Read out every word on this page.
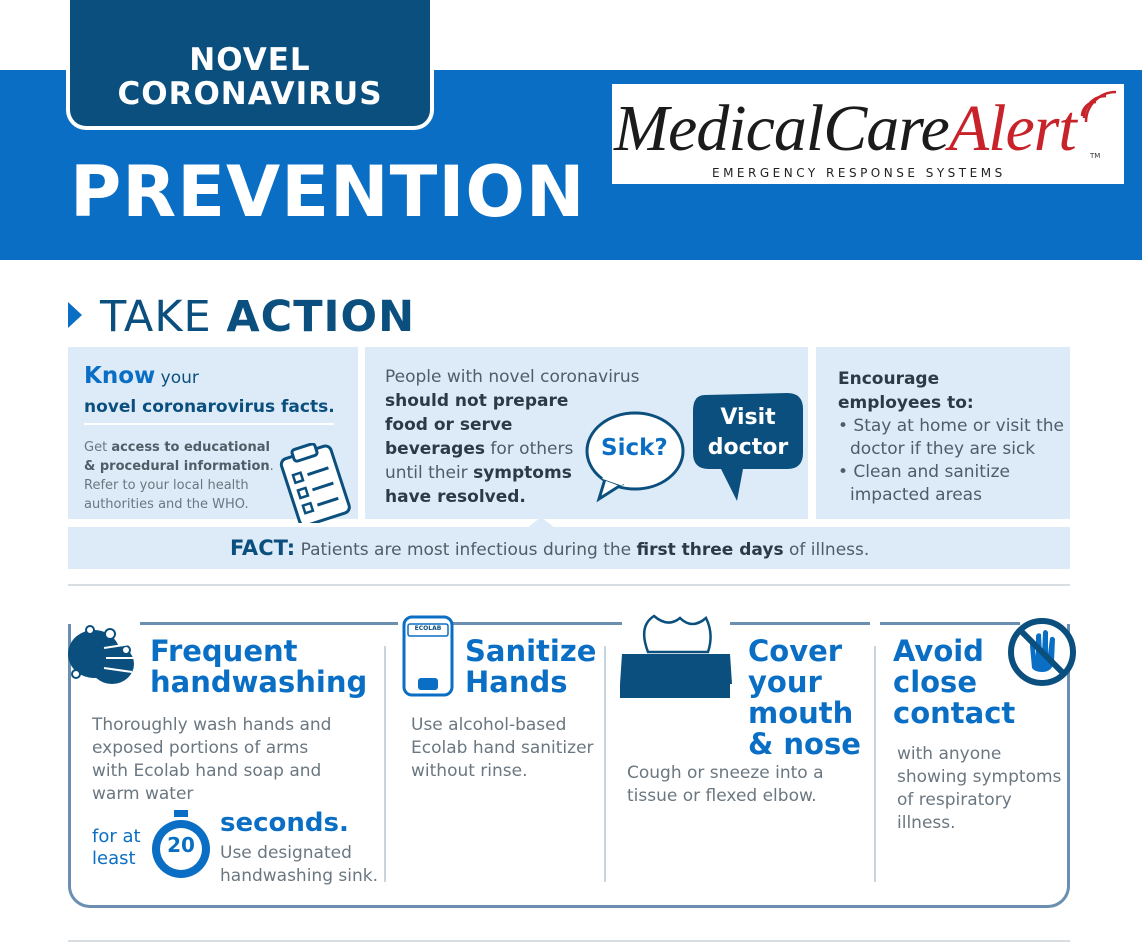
NOVEL
CORONAVIRUS
PREVENTION
MedicalCareAlert TM
EMERGENCY RESPONSE SYSTEMS
TAKE ACTION
Know your
novel coronarovirus facts.
Get access to educational
& procedural information.
Refer to your local health
authorities and the WHO.
People with novel coronavirus
should not prepare
food or serve
beverages for others
until their symptoms
have resolved.
Sick?
Visit
doctor
Encourage
employees to:
• Stay at home or visit the
doctor if they are sick
• Clean and sanitize
impacted areas
FACT: Patients are most infectious during the first three days of illness.
Frequent
handwashing
Thoroughly wash hands and
exposed portions of arms
with Ecolab hand soap and
warm water
for at
least
20
seconds.
Use designated
handwashing sink.
ECOLAB
Sanitize
Hands
Use alcohol-based
Ecolab hand sanitizer
without rinse.
Cover
your
mouth
& nose
Cough or sneeze into a
tissue or flexed elbow.
Avoid
close
contact
with anyone
showing symptoms
of respiratory
illness.
